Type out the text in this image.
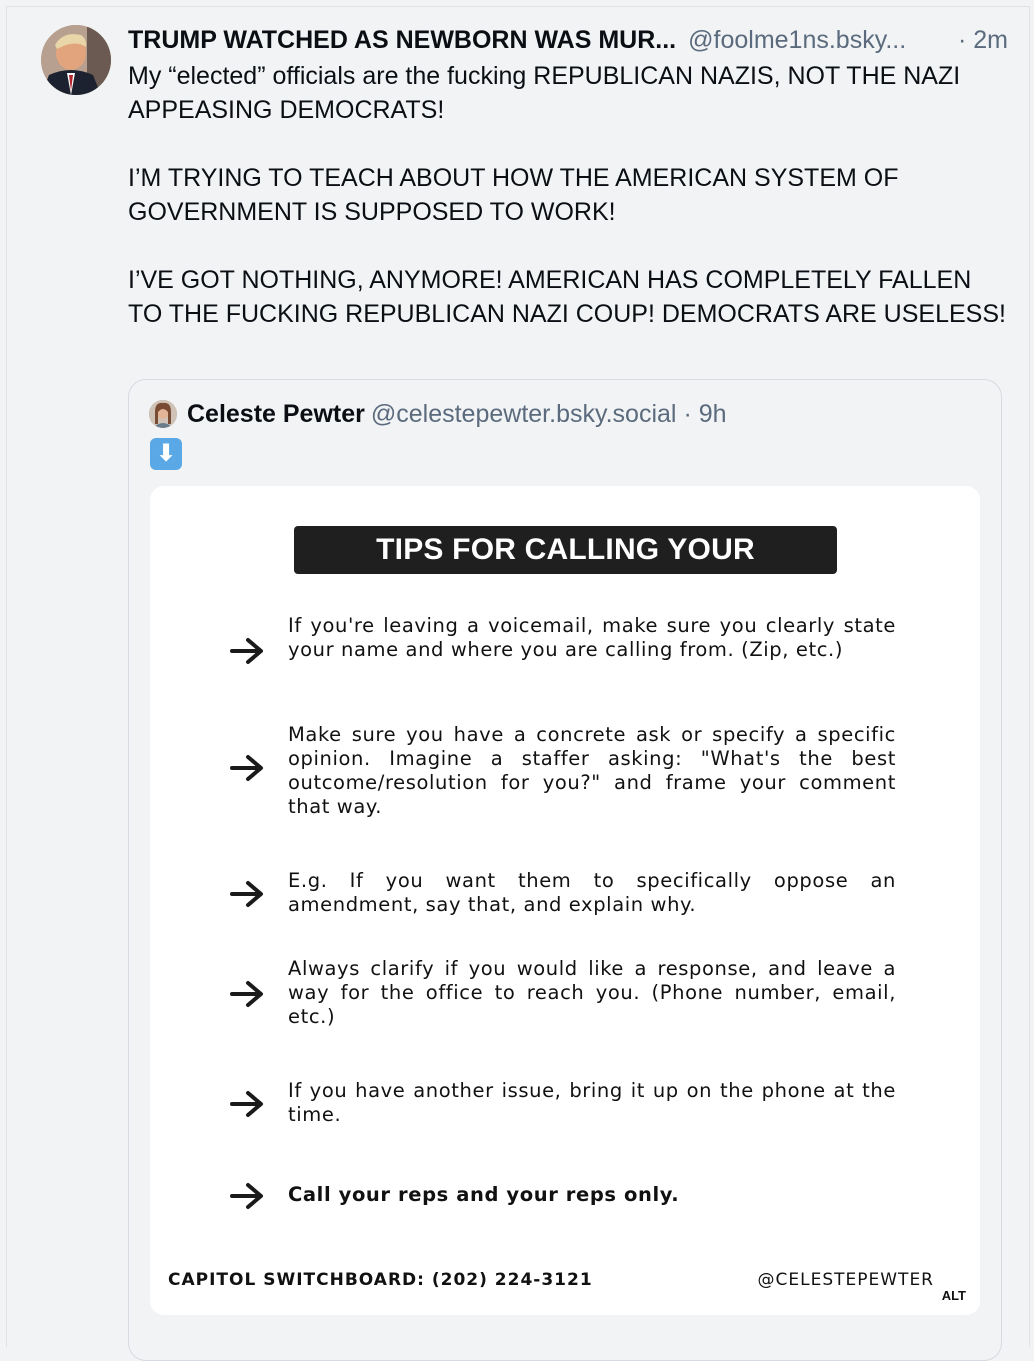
TRUMP WATCHED AS NEWBORN WAS MUR... @foolme1ns.bsky... · 2m

My “elected” officials are the fucking REPUBLICAN NAZIS, NOT THE NAZI APPEASING DEMOCRATS!

I’M TRYING TO TEACH ABOUT HOW THE AMERICAN SYSTEM OF GOVERNMENT IS SUPPOSED TO WORK!

I’VE GOT NOTHING, ANYMORE! AMERICAN HAS COMPLETELY FALLEN TO THE FUCKING REPUBLICAN NAZI COUP! DEMOCRATS ARE USELESS!

Celeste Pewter @celestepewter.bsky.social · 9h
⬇
TIPS FOR CALLING YOUR ELECTEDS
If you're leaving a voicemail, make sure you clearly state your name and where you are calling from. (Zip, etc.)
Make sure you have a concrete ask or specify a specific opinion. Imagine a staffer asking: "What's the best outcome/resolution for you?" and frame your comment that way.
E.g. If you want them to specifically oppose an amendment, say that, and explain why.
Always clarify if you would like a response, and leave a way for the office to reach you. (Phone number, email, etc.)
If you have another issue, bring it up on the phone at the time.
Call your reps and your reps only.
CAPITOL SWITCHBOARD: (202) 224-3121	@CELESTEPEWTER
ALT
